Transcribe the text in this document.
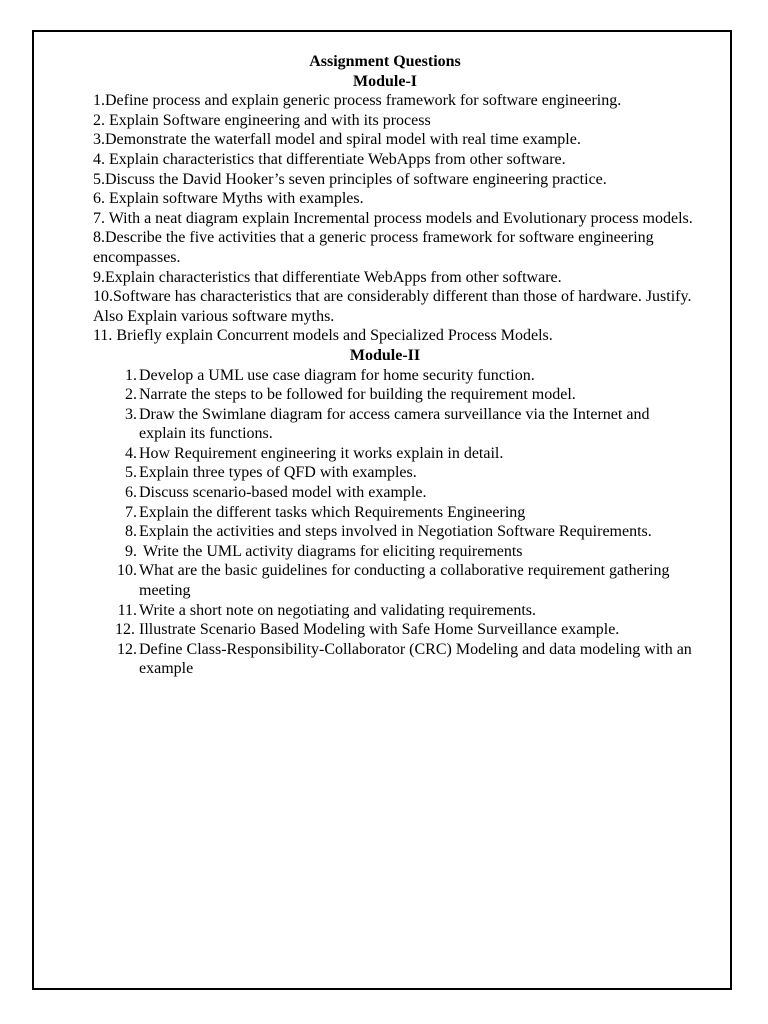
Assignment Questions
Module-I
1.Define process and explain generic process framework for software engineering.
2. Explain Software engineering and with its process
3.Demonstrate the waterfall model and spiral model with real time example.
4. Explain characteristics that differentiate WebApps from other software.
5.Discuss the David Hooker’s seven principles of software engineering practice.
6. Explain software Myths with examples.
7. With a neat diagram explain Incremental process models and Evolutionary process models.
8.Describe the five activities that a generic process framework for software engineering encompasses.
9.Explain characteristics that differentiate WebApps from other software.
10.Software has characteristics that are considerably different than those of hardware. Justify. Also Explain various software myths.
11. Briefly explain Concurrent models and Specialized Process Models.
Module-II
1. Develop a UML use case diagram for home security function.
2. Narrate the steps to be followed for building the requirement model.
3. Draw the Swimlane diagram for access camera surveillance via the Internet and explain its functions.
4. How Requirement engineering it works explain in detail.
5. Explain three types of QFD with examples.
6. Discuss scenario-based model with example.
7. Explain the different tasks which Requirements Engineering
8. Explain the activities and steps involved in Negotiation Software Requirements.
9. Write the UML activity diagrams for eliciting requirements
10. What are the basic guidelines for conducting a collaborative requirement gathering meeting
11. Write a short note on negotiating and validating requirements.
12. Illustrate Scenario Based Modeling with Safe Home Surveillance example.
12. Define Class-Responsibility-Collaborator (CRC) Modeling and data modeling with an example
